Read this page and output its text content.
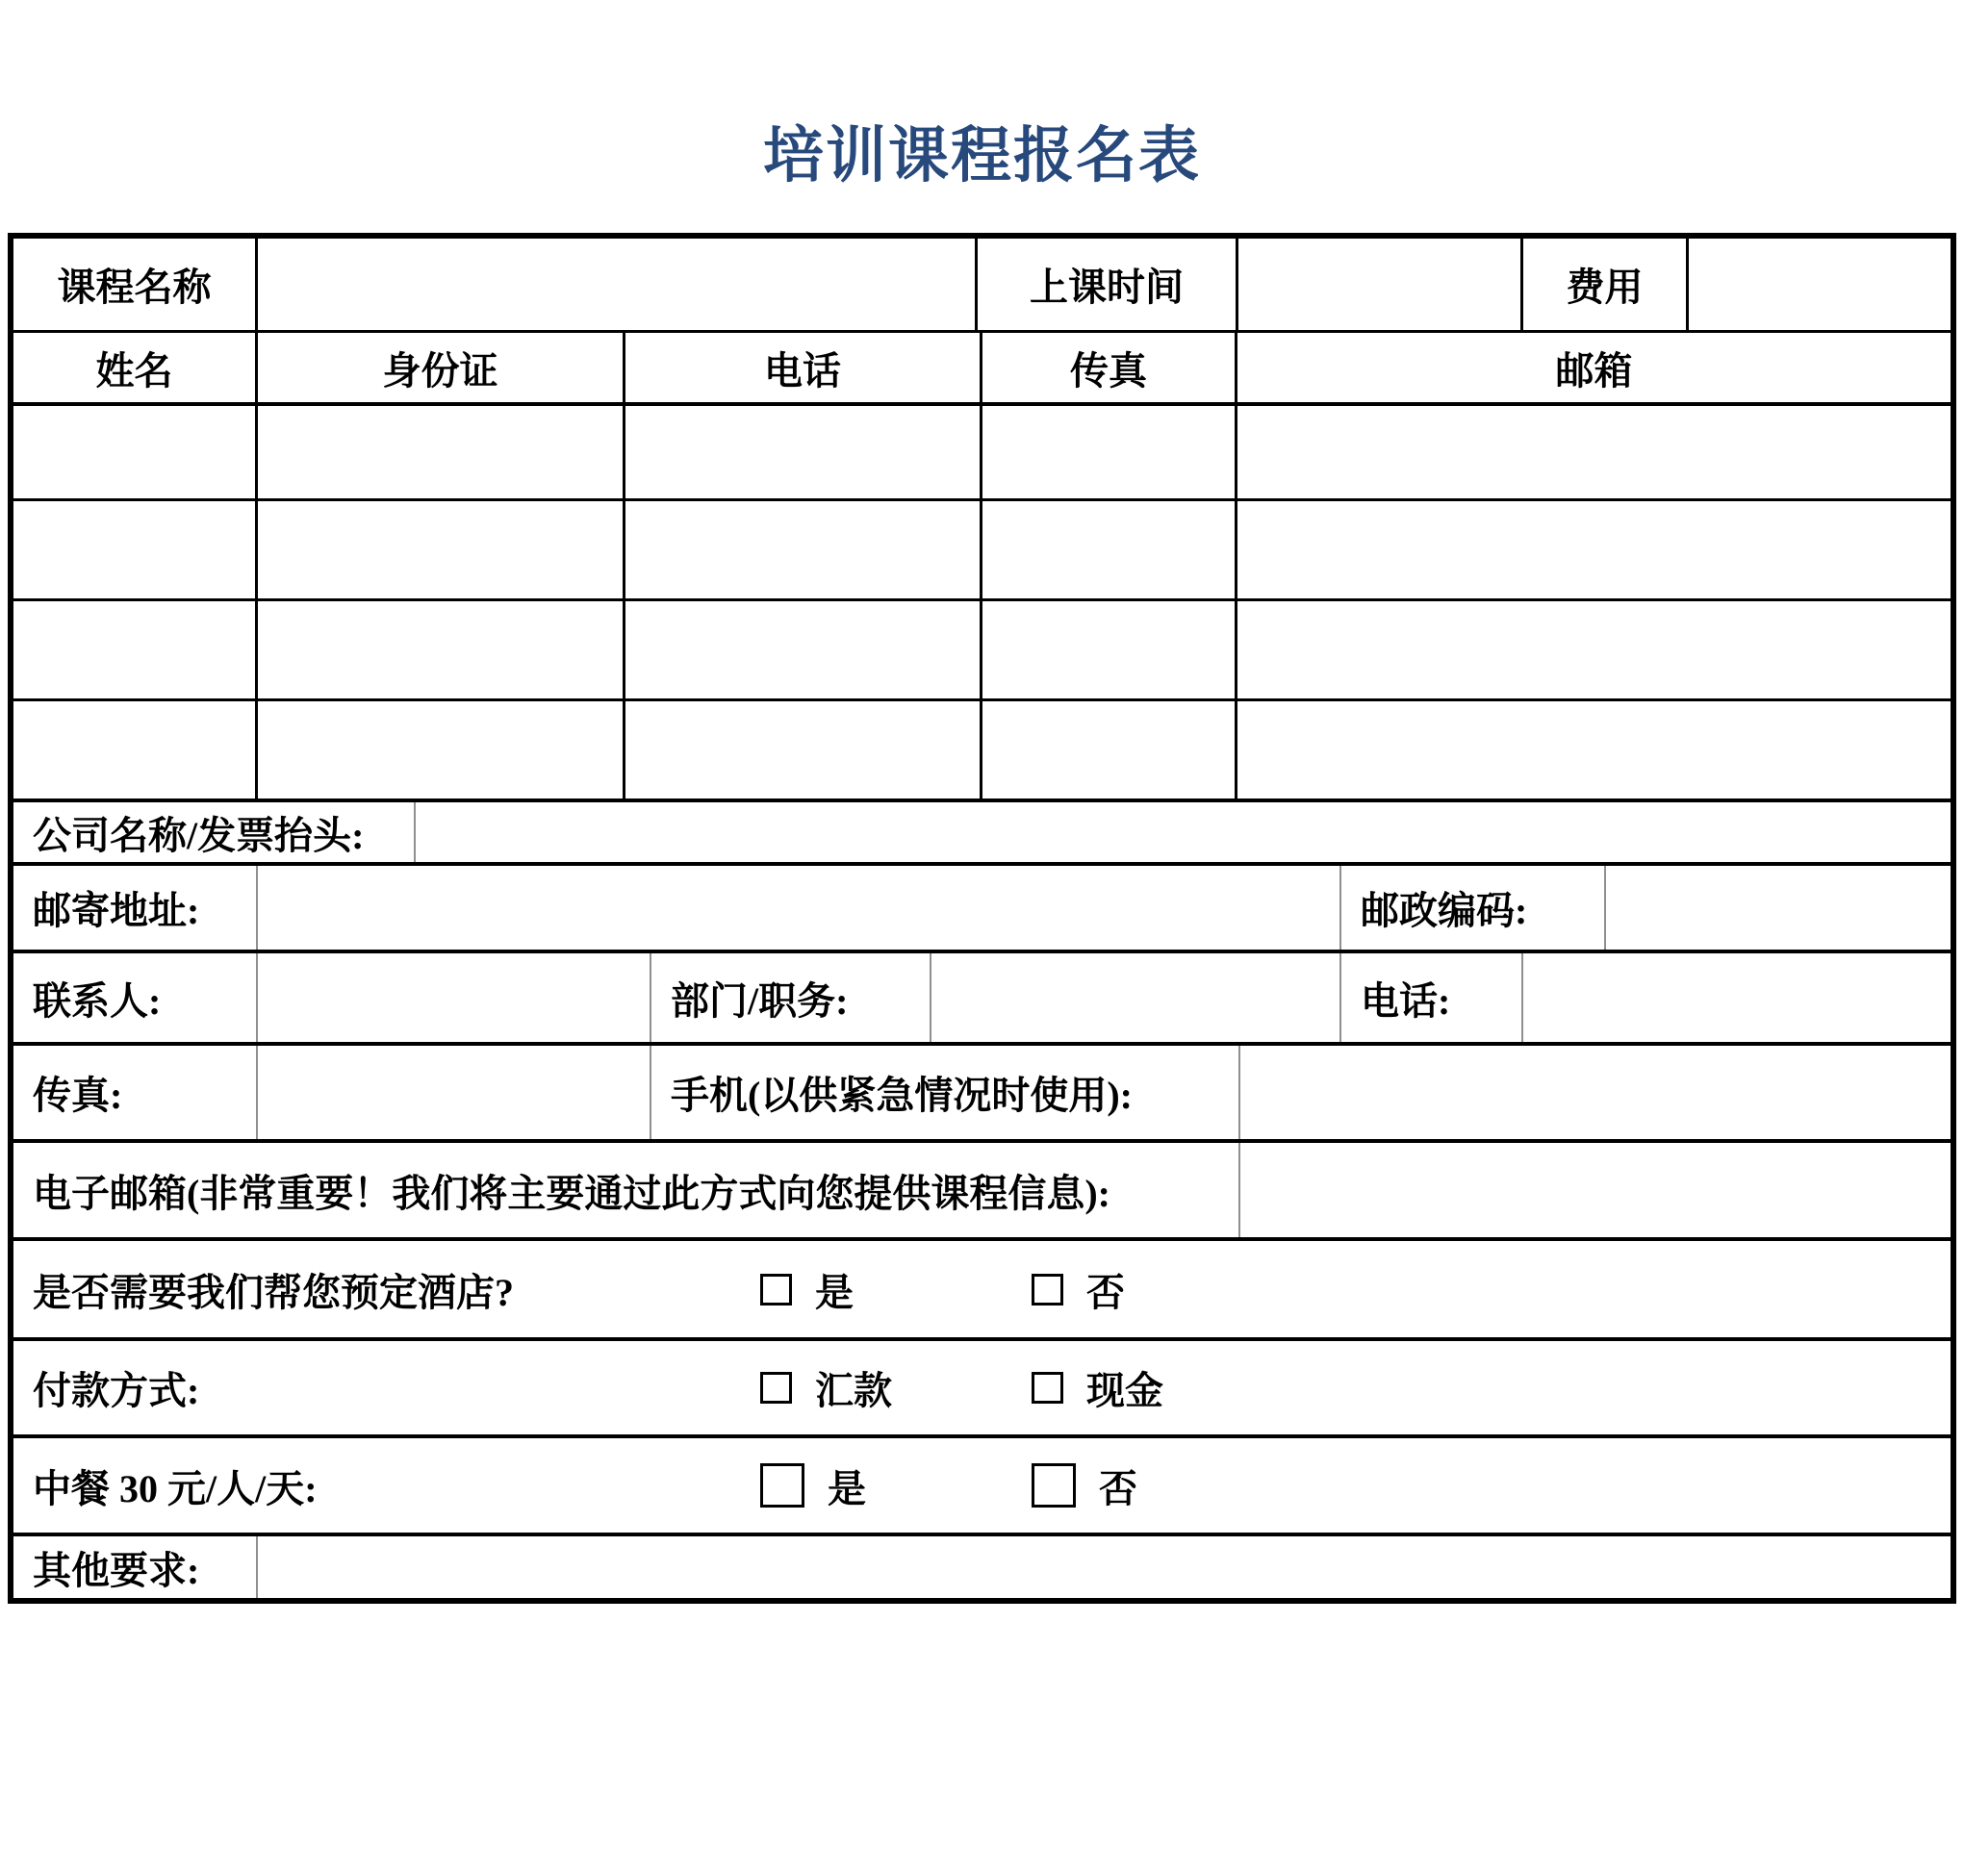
培训课程报名表
课程名称	上课时间	费用
姓名	身份证	电话	传真	邮箱
公司名称/发票抬头:
邮寄地址:	邮政编码:
联系人:	部门/职务:	电话:
传真:	手机(以供紧急情况时使用):
电子邮箱(非常重要！我们将主要通过此方式向您提供课程信息):
是否需要我们帮您预定酒店?	是	否
付款方式:	汇款	现金
中餐 30 元/人/天:	是	否
其他要求:
